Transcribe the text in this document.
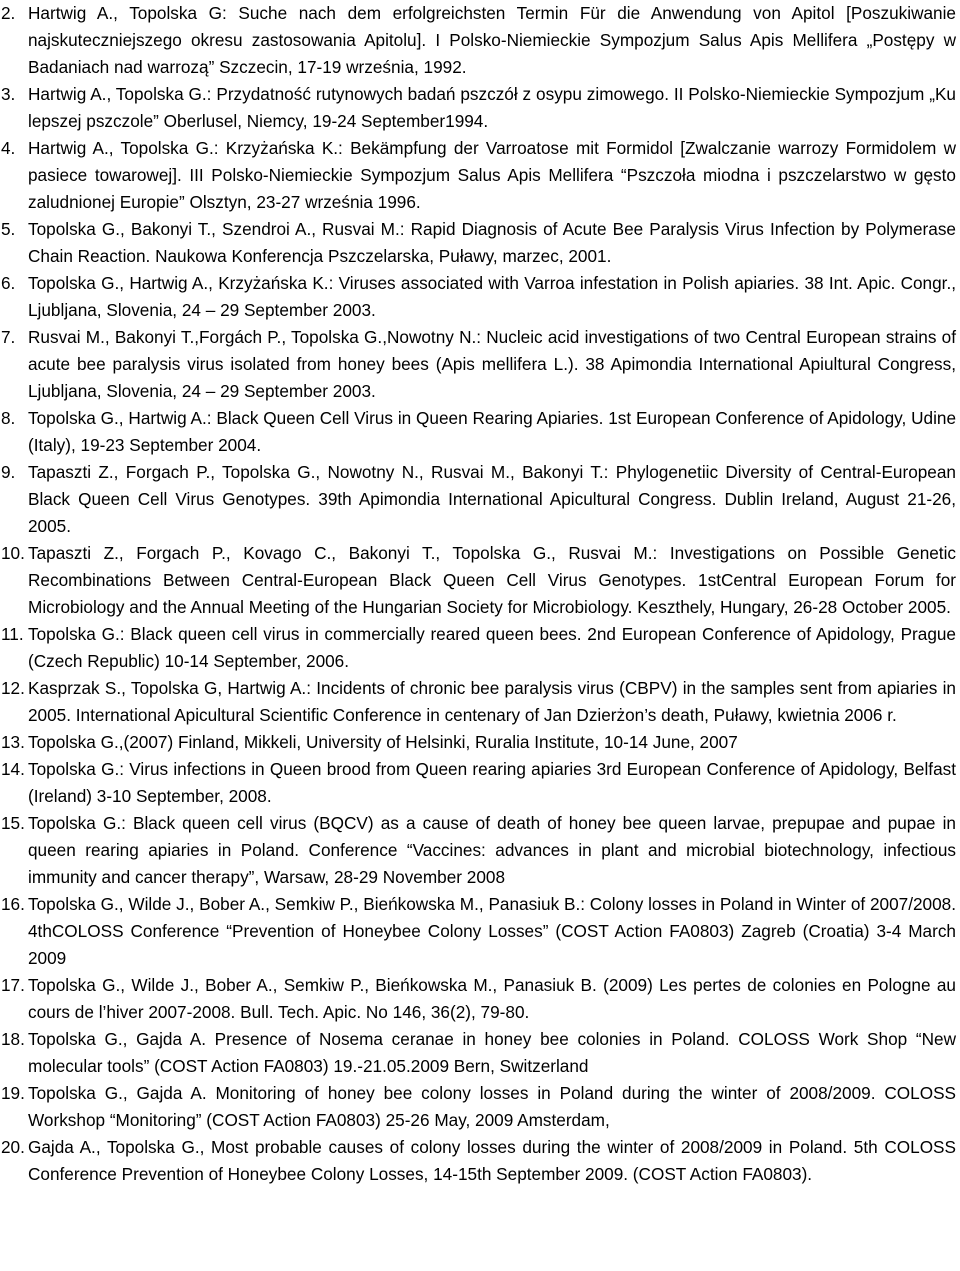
2. Hartwig A., Topolska G: Suche nach dem erfolgreichsten Termin Für die Anwendung von Apitol [Poszukiwanie najskuteczniejszego okresu zastosowania Apitolu]. I Polsko-Niemieckie Sympozjum Salus Apis Mellifera „Postępy w Badaniach nad warrozą” Szczecin, 17-19 września, 1992.
3. Hartwig A., Topolska G.: Przydatność rutynowych badań pszczół z osypu zimowego. II Polsko-Niemieckie Sympozjum „Ku lepszej pszczole” Oberlusel, Niemcy, 19-24 September1994.
4. Hartwig A., Topolska G.: Krzyżańska K.: Bekämpfung der Varroatose mit Formidol [Zwalczanie warrozy Formidolem w pasiece towarowej]. III Polsko-Niemieckie Sympozjum Salus Apis Mellifera “Pszczoła miodna i pszczelarstwo w gęsto zaludnionej Europie” Olsztyn, 23-27 września 1996.
5. Topolska G., Bakonyi T., Szendroi A., Rusvai M.: Rapid Diagnosis of Acute Bee Paralysis Virus Infection by Polymerase Chain Reaction. Naukowa Konferencja Pszczelarska, Puławy, marzec, 2001.
6. Topolska G., Hartwig A., Krzyżańska K.: Viruses associated with Varroa infestation in Polish apiaries. 38 Int. Apic. Congr., Ljubljana, Slovenia, 24 – 29 September 2003.
7. Rusvai M., Bakonyi T.,Forgách P., Topolska G.,Nowotny N.: Nucleic acid investigations of two Central European strains of acute bee paralysis virus isolated from honey bees (Apis mellifera L.). 38 Apimondia International Apiultural Congress, Ljubljana, Slovenia, 24 – 29 September 2003.
8. Topolska G., Hartwig A.: Black Queen Cell Virus in Queen Rearing Apiaries. 1st European Conference of Apidology, Udine (Italy), 19-23 September 2004.
9. Tapaszti Z., Forgach P., Topolska G., Nowotny N., Rusvai M., Bakonyi T.: Phylogenetiic Diversity of Central-European Black Queen Cell Virus Genotypes. 39th Apimondia International Apicultural Congress. Dublin Ireland, August 21-26, 2005.
10. Tapaszti Z., Forgach P., Kovago C., Bakonyi T., Topolska G., Rusvai M.: Investigations on Possible Genetic Recombinations Between Central-European Black Queen Cell Virus Genotypes. 1stCentral European Forum for Microbiology and the Annual Meeting of the Hungarian Society for Microbiology. Keszthely, Hungary, 26-28 October 2005.
11. Topolska G.: Black queen cell virus in commercially reared queen bees. 2nd European Conference of Apidology, Prague (Czech Republic) 10-14 September, 2006.
12. Kasprzak S., Topolska G, Hartwig A.: Incidents of chronic bee paralysis virus (CBPV) in the samples sent from apiaries in 2005. International Apicultural Scientific Conference in centenary of Jan Dzierżon’s death, Puławy, kwietnia 2006 r.
13. Topolska G.,(2007) Finland, Mikkeli, University of Helsinki, Ruralia Institute, 10-14 June, 2007
14. Topolska G.: Virus infections in Queen brood from Queen rearing apiaries 3rd European Conference of Apidology, Belfast (Ireland) 3-10 September, 2008.
15. Topolska G.: Black queen cell virus (BQCV) as a cause of death of honey bee queen larvae, prepupae and pupae in queen rearing apiaries in Poland. Conference “Vaccines: advances in plant and microbial biotechnology, infectious immunity and cancer therapy”, Warsaw, 28-29 November 2008
16. Topolska G., Wilde J., Bober A., Semkiw P., Bieńkowska M., Panasiuk B.: Colony losses in Poland in Winter of 2007/2008. 4thCOLOSS Conference “Prevention of Honeybee Colony Losses” (COST Action FA0803) Zagreb (Croatia) 3-4 March 2009
17. Topolska G., Wilde J., Bober A., Semkiw P., Bieńkowska M., Panasiuk B. (2009) Les pertes de colonies en Pologne au cours de l’hiver 2007-2008. Bull. Tech. Apic. No 146, 36(2), 79-80.
18. Topolska G., Gajda A. Presence of Nosema ceranae in honey bee colonies in Poland. COLOSS Work Shop “New molecular tools” (COST Action FA0803) 19.-21.05.2009 Bern, Switzerland
19. Topolska G., Gajda A. Monitoring of honey bee colony losses in Poland during the winter of 2008/2009. COLOSS Workshop “Monitoring” (COST Action FA0803) 25-26 May, 2009 Amsterdam,
20. Gajda A., Topolska G., Most probable causes of colony losses during the winter of 2008/2009 in Poland. 5th COLOSS Conference Prevention of Honeybee Colony Losses, 14-15th September 2009. (COST Action FA0803).
